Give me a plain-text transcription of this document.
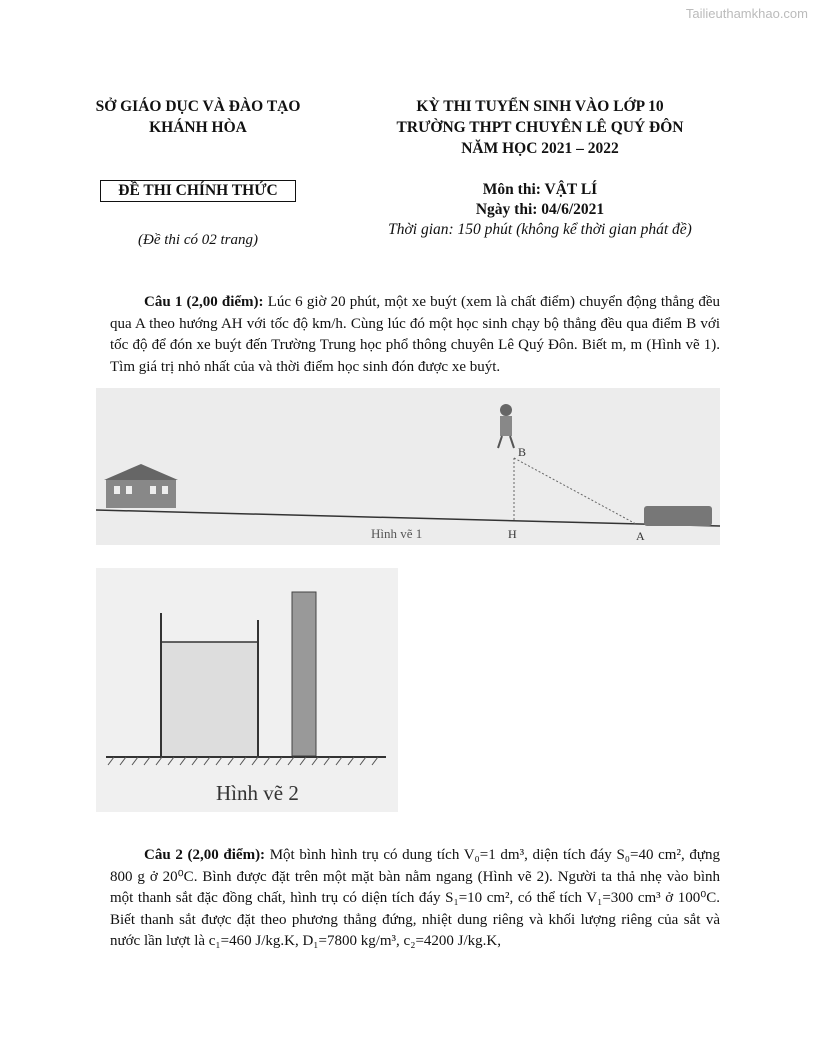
Tailieuthamkhao.com
SỞ GIÁO DỤC VÀ ĐÀO TẠO
KHÁNH HÒA
ĐỀ THI CHÍNH THỨC
(Đề thi có 02 trang)
KỲ THI TUYỂN SINH VÀO LỚP 10
TRƯỜNG THPT CHUYÊN LÊ QUÝ ĐÔN
NĂM HỌC 2021 – 2022
Môn thi: VẬT LÍ
Ngày thi: 04/6/2021
Thời gian: 150 phút (không kể thời gian phát đề)
Câu 1 (2,00 điểm): Lúc 6 giờ 20 phút, một xe buýt (xem là chất điểm) chuyển động thẳng đều qua A theo hướng AH với tốc độ km/h. Cùng lúc đó một học sinh chạy bộ thẳng đều qua điểm B với tốc độ để đón xe buýt đến Trường Trung học phổ thông chuyên Lê Quý Đôn. Biết m, m (Hình vẽ 1). Tìm giá trị nhỏ nhất của và thời điểm học sinh đón được xe buýt.
B
H	A
Hình vẽ 1
Hình vẽ 2
Câu 2 (2,00 điểm): Một bình hình trụ có dung tích V₀=1 dm³, diện tích đáy S₀=40 cm², đựng 800 g ở 20⁰C. Bình được đặt trên một mặt bàn nằm ngang (Hình vẽ 2). Người ta thả nhẹ vào bình một thanh sắt đặc đồng chất, hình trụ có diện tích đáy S₁=10 cm², có thể tích V₁=300 cm³ ở 100⁰C. Biết thanh sắt được đặt theo phương thẳng đứng, nhiệt dung riêng và khối lượng riêng của sắt và nước lần lượt là c₁=460 J/kg.K, D₁=7800 kg/m³, c₂=4200 J/kg.K,
